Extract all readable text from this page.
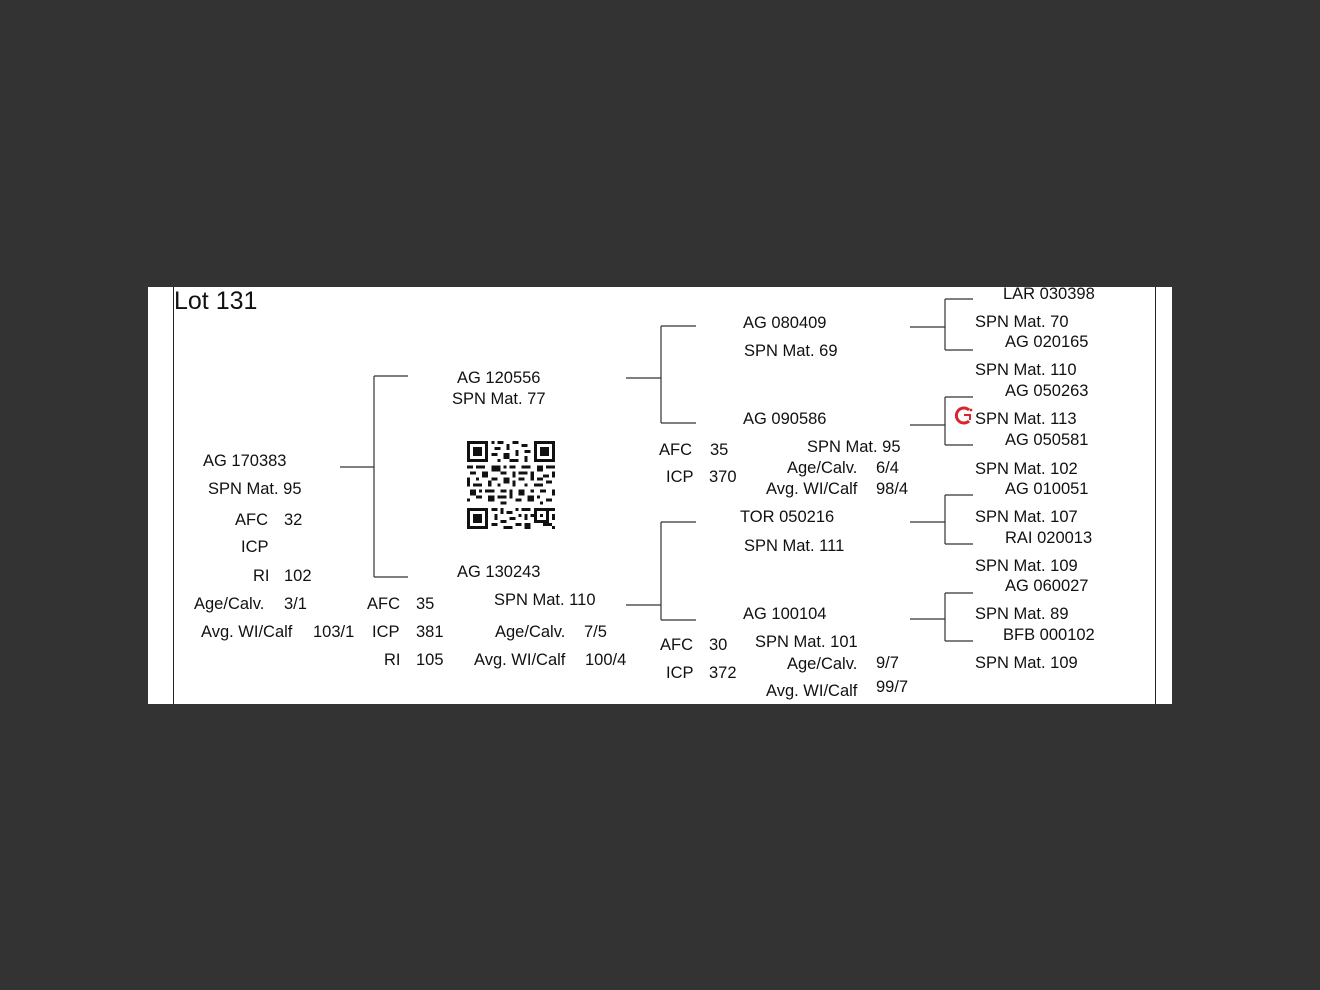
Lot 131
AG 170383
SPN Mat. 95
AFC 32
ICP
RI 102
Age/Calv. 3/1
Avg. WI/Calf 103/1
AG 120556
SPN Mat. 77
AG 130243
SPN Mat. 110
AFC 35
ICP 381
RI 105
Age/Calv. 7/5
Avg. WI/Calf 100/4
AG 080409
SPN Mat. 69
AG 090586
SPN Mat. 95
AFC 35
ICP 370	Age/Calv. 6/4
Avg. WI/Calf 98/4
TOR 050216
SPN Mat. 111
AG 100104
SPN Mat. 101
AFC 30
ICP 372	Age/Calv. 9/7
Avg. WI/Calf 99/7
LAR 030398
SPN Mat. 70
AG 020165
SPN Mat. 110
AG 050263
SPN Mat. 113
AG 050581
SPN Mat. 102
AG 010051
SPN Mat. 107
RAI 020013
SPN Mat. 109
AG 060027
SPN Mat. 89
BFB 000102
SPN Mat. 109
